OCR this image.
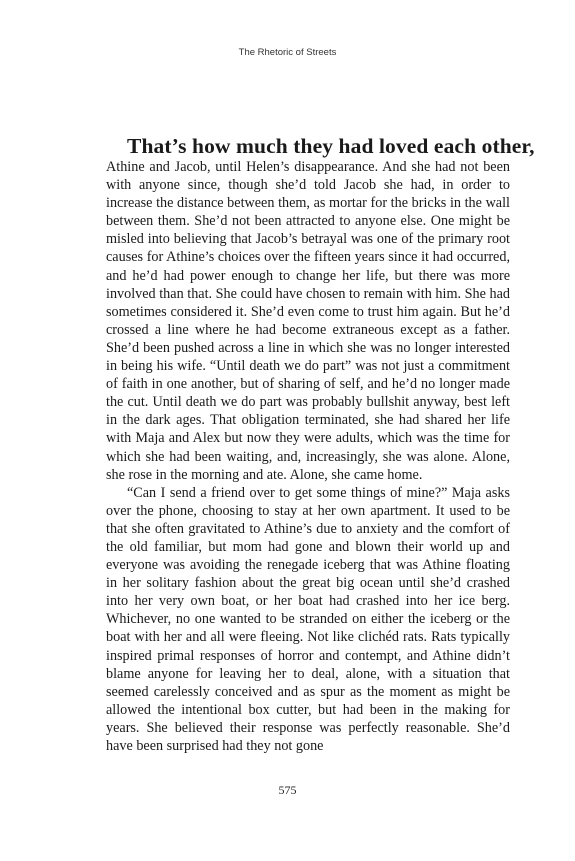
The Rhetoric of Streets
That’s how much they had loved each other,

Athine and Jacob, until Helen’s disappearance. And she had not been with anyone since, though she’d told Jacob she had, in order to increase the distance between them, as mortar for the bricks in the wall between them. She’d not been attracted to anyone else. One might be misled into believing that Jacob’s betrayal was one of the primary root causes for Athine’s choices over the fifteen years since it had occurred, and he’d had power enough to change her life, but there was more involved than that. She could have chosen to remain with him. She had sometimes considered it. She’d even come to trust him again. But he’d crossed a line where he had become extraneous except as a father. She’d been pushed across a line in which she was no longer interested in being his wife. “Until death we do part” was not just a commitment of faith in one another, but of sharing of self, and he’d no longer made the cut. Until death we do part was probably bullshit anyway, best left in the dark ages. That obligation terminated, she had shared her life with Maja and Alex but now they were adults, which was the time for which she had been waiting, and, increasingly, she was alone. Alone, she rose in the morning and ate. Alone, she came home.

“Can I send a friend over to get some things of mine?” Maja asks over the phone, choosing to stay at her own apartment. It used to be that she often gravitated to Athine’s due to anxiety and the comfort of the old familiar, but mom had gone and blown their world up and everyone was avoiding the renegade iceberg that was Athine floating in her solitary fashion about the great big ocean until she’d crashed into her very own boat, or her boat had crashed into her ice berg. Whichever, no one wanted to be stranded on either the iceberg or the boat with her and all were fleeing. Not like clichéd rats. Rats typically inspired primal responses of horror and contempt, and Athine didn’t blame anyone for leaving her to deal, alone, with a situation that seemed carelessly conceived and as spur as the moment as might be allowed the intentional box cutter, but had been in the making for years. She believed their response was perfectly reasonable. She’d have been surprised had they not gone

575
